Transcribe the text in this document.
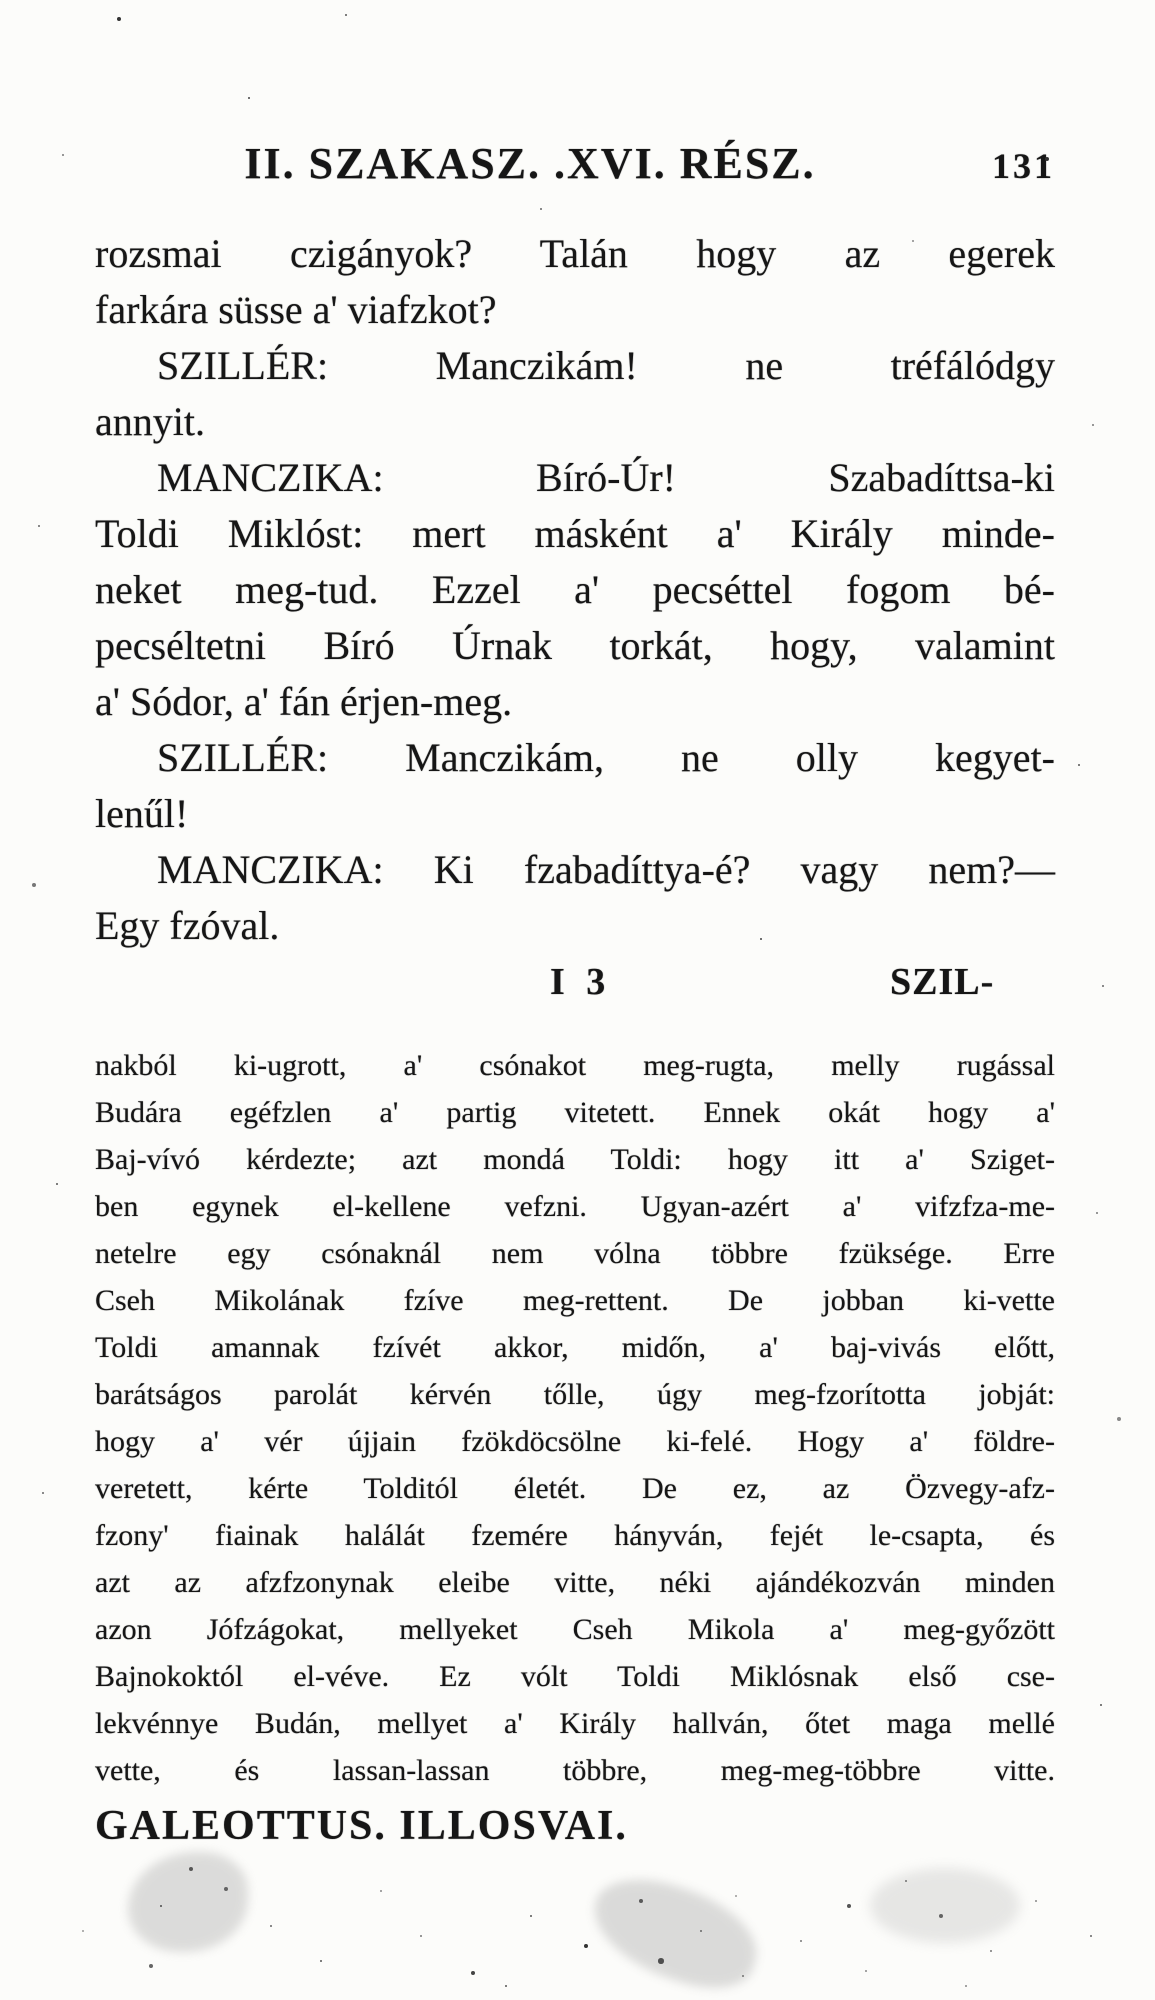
II. SZAKASZ. .XVI. RÉSZ.	131
rozsmai czigányok? Talán hogy az egerek
farkára süsse a' viafzkot?
SZILLÉR: Manczikám! ne tréfálódgy
annyit.
MANCZIKA: Bíró-Úr! Szabadíttsa-ki
Toldi Miklóst: mert másként a' Király minde-
neket meg-tud. Ezzel a' pecséttel fogom bé-
pecséltetni Bíró Úrnak torkát, hogy, valamint
a' Sódor, a' fán érjen-meg.
SZILLÉR: Manczikám, ne olly kegyet-
lenűl!
MANCZIKA: Ki fzabadíttya-é? vagy nem?—
Egy fzóval.
I 3	SZIL-
nakból ki-ugrott, a' csónakot meg-rugta, melly rugással
Budára egéfzlen a' partig vitetett. Ennek okát hogy a'
Baj-vívó kérdezte; azt mondá Toldi: hogy itt a' Sziget-
ben egynek el-kellene vefzni. Ugyan-azért a' vifzfza-me-
netelre egy csónaknál nem vólna többre fzüksége. Erre
Cseh Mikolának fzíve meg-rettent. De jobban ki-vette
Toldi amannak fzívét akkor, midőn, a' baj-vivás előtt,
barátságos parolát kérvén tőlle, úgy meg-fzorította jobját:
hogy a' vér újjain fzökdöcsölne ki-felé. Hogy a' földre-
veretett, kérte Tolditól életét. De ez, az Özvegy-afz-
fzony' fiainak halálát fzemére hányván, fejét le-csapta, és
azt az afzfzonynak eleibe vitte, néki ajándékozván minden
azon Jófzágokat, mellyeket Cseh Mikola a' meg-győzött
Bajnokoktól el-véve. Ez vólt Toldi Miklósnak első cse-
lekvénnye Budán, mellyet a' Király hallván, őtet maga mellé
vette, és lassan-lassan többre, meg-meg-többre vitte.
GALEOTTUS. ILLOSVAI.
